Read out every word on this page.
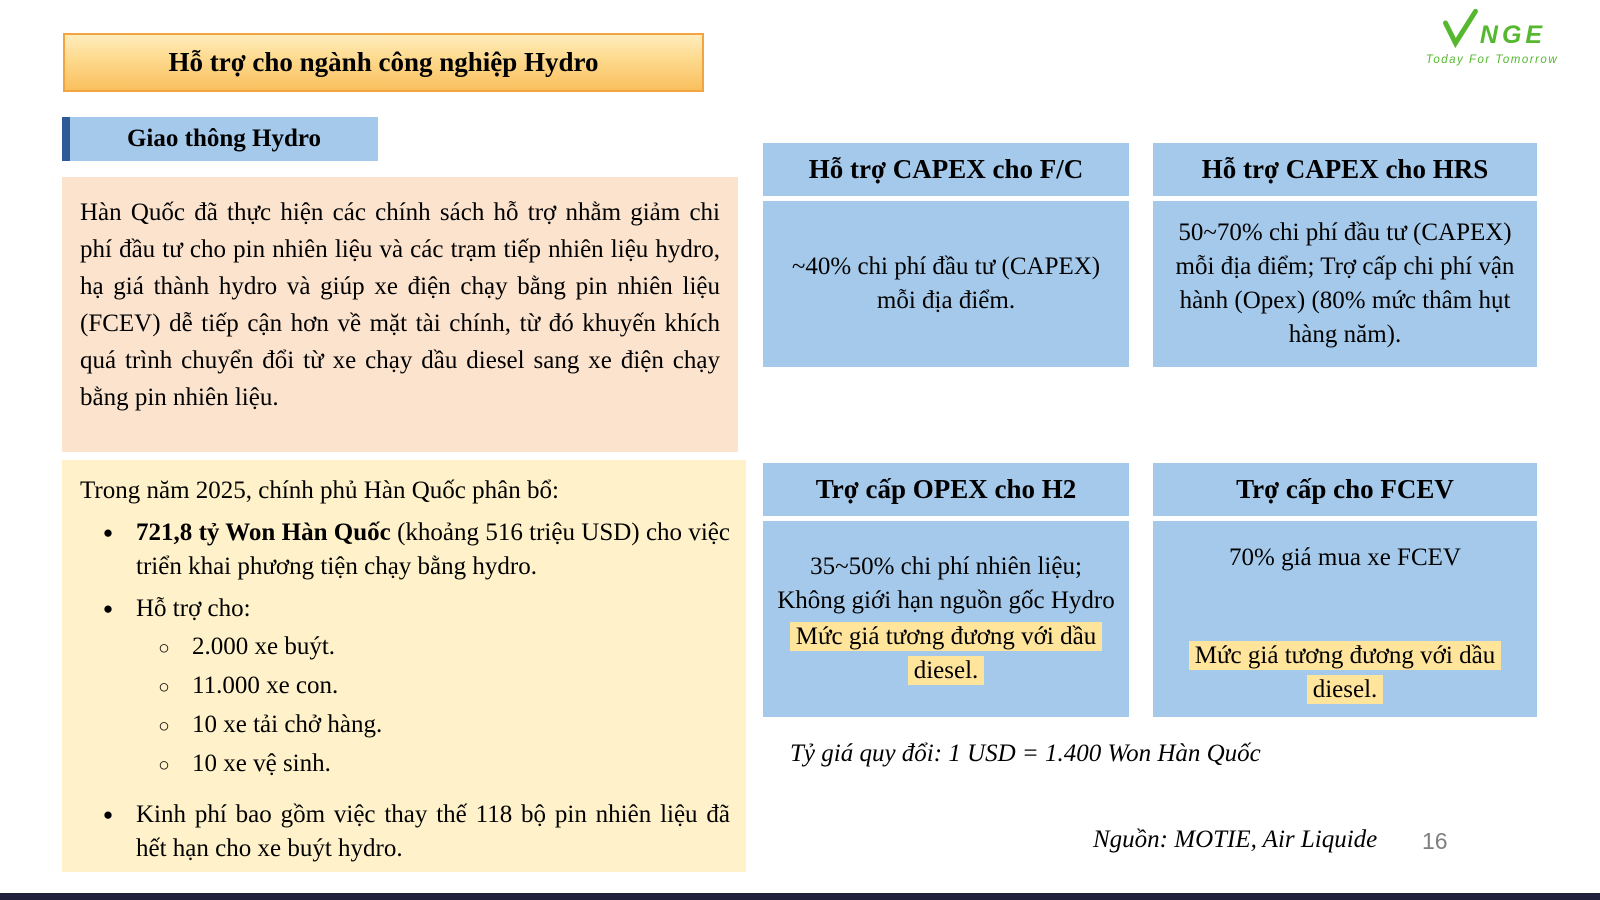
NGE
Today For Tomorrow
Hỗ trợ cho ngành công nghiệp Hydro
Giao thông Hydro
Hàn Quốc đã thực hiện các chính sách hỗ trợ nhằm giảm chi phí đầu tư cho pin nhiên liệu và các trạm tiếp nhiên liệu hydro, hạ giá thành hydro và giúp xe điện chạy bằng pin nhiên liệu (FCEV) dễ tiếp cận hơn về mặt tài chính, từ đó khuyến khích quá trình chuyển đổi từ xe chạy dầu diesel sang xe điện chạy bằng pin nhiên liệu.
Trong năm 2025, chính phủ Hàn Quốc phân bổ:
●
721,8 tỷ Won Hàn Quốc (khoảng 516 triệu USD) cho việc triển khai phương tiện chạy bằng hydro.
●
Hỗ trợ cho:
○
2.000 xe buýt.
○
11.000 xe con.
○
10 xe tải chở hàng.
○
10 xe vệ sinh.
●
Kinh phí bao gồm việc thay thế 118 bộ pin nhiên liệu đã hết hạn cho xe buýt hydro.
Hỗ trợ CAPEX cho F/C
~40% chi phí đầu tư (CAPEX) mỗi địa điểm.
Hỗ trợ CAPEX cho HRS
50~70% chi phí đầu tư (CAPEX) mỗi địa điểm; Trợ cấp chi phí vận hành (Opex) (80% mức thâm hụt hàng năm).
Trợ cấp OPEX cho H2
35~50% chi phí nhiên liệu; Không giới hạn nguồn gốc Hydro
Mức giá tương đương với dầu diesel.
Trợ cấp cho FCEV
70% giá mua xe FCEV
Mức giá tương đương với dầu diesel.
Tỷ giá quy đổi: 1 USD = 1.400 Won Hàn Quốc
Nguồn: MOTIE, Air Liquide 16
